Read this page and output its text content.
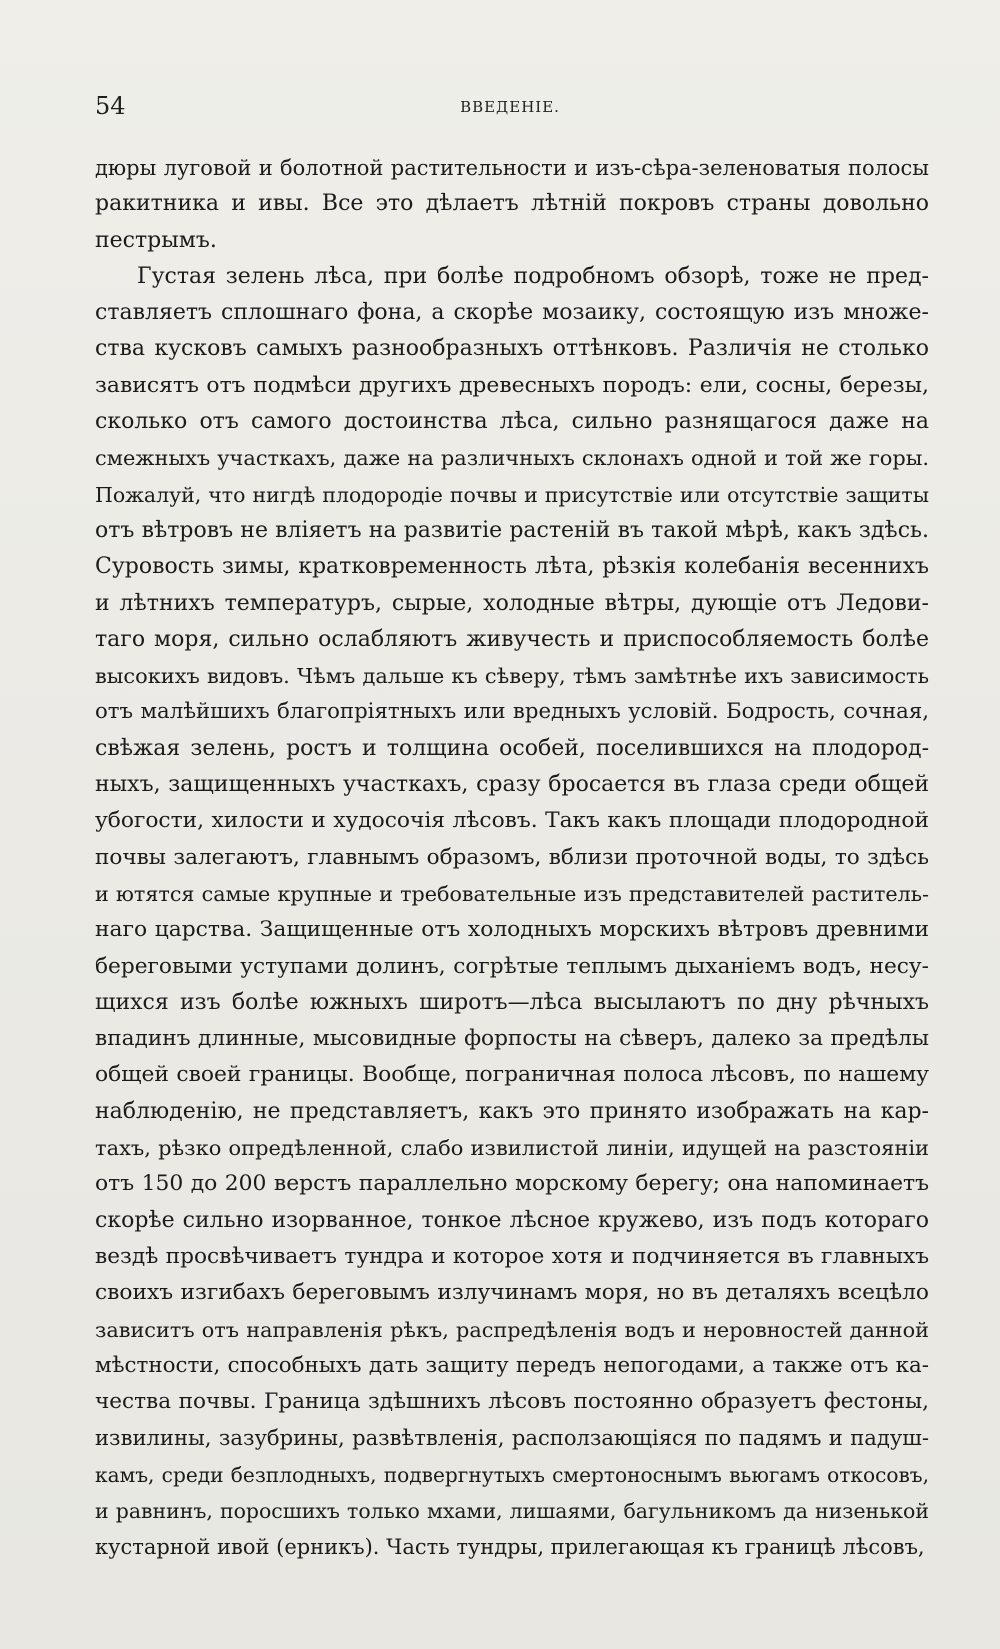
54	ВВЕДЕНІЕ.
дюры луговой и болотной растительности и изъ-сѣра-зеленоватыя полосы
ракитника и ивы. Все это дѣлаетъ лѣтній покровъ страны довольно
пестрымъ.
Густая зелень лѣса, при болѣе подробномъ обзорѣ, тоже не пред-
ставляетъ сплошнаго фона, а скорѣе мозаику, состоящую изъ множе-
ства кусковъ самыхъ разнообразныхъ оттѣнковъ. Различія не столько
зависятъ отъ подмѣси другихъ древесныхъ породъ: ели, сосны, березы,
сколько отъ самого достоинства лѣса, сильно разнящагося даже на
смежныхъ участкахъ, даже на различныхъ склонахъ одной и той же горы.
Пожалуй, что нигдѣ плодородіе почвы и присутствіе или отсутствіе защиты
отъ вѣтровъ не вліяетъ на развитіе растеній въ такой мѣрѣ, какъ здѣсь.
Суровость зимы, кратковременность лѣта, рѣзкія колебанія весеннихъ
и лѣтнихъ температуръ, сырые, холодные вѣтры, дующіе отъ Ледови-
таго моря, сильно ослабляютъ живучесть и приспособляемость болѣе
высокихъ видовъ. Чѣмъ дальше къ сѣверу, тѣмъ замѣтнѣе ихъ зависимость
отъ малѣйшихъ благопріятныхъ или вредныхъ условій. Бодрость, сочная,
свѣжая зелень, ростъ и толщина особей, поселившихся на плодород-
ныхъ, защищенныхъ участкахъ, сразу бросается въ глаза среди общей
убогости, хилости и худосочія лѣсовъ. Такъ какъ площади плодородной
почвы залегаютъ, главнымъ образомъ, вблизи проточной воды, то здѣсь
и ютятся самые крупные и требовательные изъ представителей раститель-
наго царства. Защищенные отъ холодныхъ морскихъ вѣтровъ древними
береговыми уступами долинъ, согрѣтые теплымъ дыханіемъ водъ, несу-
щихся изъ болѣе южныхъ широтъ—лѣса высылаютъ по дну рѣчныхъ
впадинъ длинные, мысовидные форпосты на сѣверъ, далеко за предѣлы
общей своей границы. Вообще, пограничная полоса лѣсовъ, по нашему
наблюденію, не представляетъ, какъ это принято изображать на кар-
тахъ, рѣзко опредѣленной, слабо извилистой линіи, идущей на разстояніи
отъ 150 до 200 верстъ параллельно морскому берегу; она напоминаетъ
скорѣе сильно изорванное, тонкое лѣсное кружево, изъ подъ котораго
вездѣ просвѣчиваетъ тундра и которое хотя и подчиняется въ главныхъ
своихъ изгибахъ береговымъ излучинамъ моря, но въ деталяхъ всецѣло
зависитъ отъ направленія рѣкъ, распредѣленія водъ и неровностей данной
мѣстности, способныхъ дать защиту передъ непогодами, а также отъ ка-
чества почвы. Граница здѣшнихъ лѣсовъ постоянно образуетъ фестоны,
извилины, зазубрины, развѣтвленія, расползающіяся по падямъ и падуш-
камъ, среди безплодныхъ, подвергнутыхъ смертоноснымъ вьюгамъ откосовъ,
и равнинъ, поросшихъ только мхами, лишаями, багульникомъ да низенькой
кустарной ивой (ерникъ). Часть тундры, прилегающая къ границѣ лѣсовъ,
